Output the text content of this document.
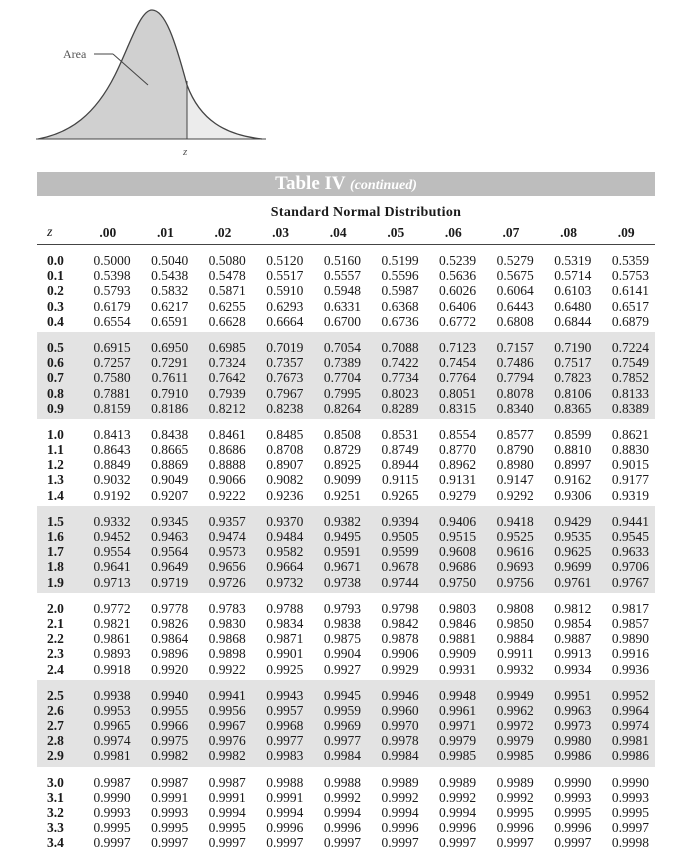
Area
z
Table IV (continued)
Standard Normal Distribution
z	.00	.01	.02	.03	.04	.05	.06	.07	.08	.09
0.0	0.5000	0.5040	0.5080	0.5120	0.5160	0.5199	0.5239	0.5279	0.5319	0.5359
0.1	0.5398	0.5438	0.5478	0.5517	0.5557	0.5596	0.5636	0.5675	0.5714	0.5753
0.2	0.5793	0.5832	0.5871	0.5910	0.5948	0.5987	0.6026	0.6064	0.6103	0.6141
0.3	0.6179	0.6217	0.6255	0.6293	0.6331	0.6368	0.6406	0.6443	0.6480	0.6517
0.4	0.6554	0.6591	0.6628	0.6664	0.6700	0.6736	0.6772	0.6808	0.6844	0.6879
0.5	0.6915	0.6950	0.6985	0.7019	0.7054	0.7088	0.7123	0.7157	0.7190	0.7224
0.6	0.7257	0.7291	0.7324	0.7357	0.7389	0.7422	0.7454	0.7486	0.7517	0.7549
0.7	0.7580	0.7611	0.7642	0.7673	0.7704	0.7734	0.7764	0.7794	0.7823	0.7852
0.8	0.7881	0.7910	0.7939	0.7967	0.7995	0.8023	0.8051	0.8078	0.8106	0.8133
0.9	0.8159	0.8186	0.8212	0.8238	0.8264	0.8289	0.8315	0.8340	0.8365	0.8389
1.0	0.8413	0.8438	0.8461	0.8485	0.8508	0.8531	0.8554	0.8577	0.8599	0.8621
1.1	0.8643	0.8665	0.8686	0.8708	0.8729	0.8749	0.8770	0.8790	0.8810	0.8830
1.2	0.8849	0.8869	0.8888	0.8907	0.8925	0.8944	0.8962	0.8980	0.8997	0.9015
1.3	0.9032	0.9049	0.9066	0.9082	0.9099	0.9115	0.9131	0.9147	0.9162	0.9177
1.4	0.9192	0.9207	0.9222	0.9236	0.9251	0.9265	0.9279	0.9292	0.9306	0.9319
1.5	0.9332	0.9345	0.9357	0.9370	0.9382	0.9394	0.9406	0.9418	0.9429	0.9441
1.6	0.9452	0.9463	0.9474	0.9484	0.9495	0.9505	0.9515	0.9525	0.9535	0.9545
1.7	0.9554	0.9564	0.9573	0.9582	0.9591	0.9599	0.9608	0.9616	0.9625	0.9633
1.8	0.9641	0.9649	0.9656	0.9664	0.9671	0.9678	0.9686	0.9693	0.9699	0.9706
1.9	0.9713	0.9719	0.9726	0.9732	0.9738	0.9744	0.9750	0.9756	0.9761	0.9767
2.0	0.9772	0.9778	0.9783	0.9788	0.9793	0.9798	0.9803	0.9808	0.9812	0.9817
2.1	0.9821	0.9826	0.9830	0.9834	0.9838	0.9842	0.9846	0.9850	0.9854	0.9857
2.2	0.9861	0.9864	0.9868	0.9871	0.9875	0.9878	0.9881	0.9884	0.9887	0.9890
2.3	0.9893	0.9896	0.9898	0.9901	0.9904	0.9906	0.9909	0.9911	0.9913	0.9916
2.4	0.9918	0.9920	0.9922	0.9925	0.9927	0.9929	0.9931	0.9932	0.9934	0.9936
2.5	0.9938	0.9940	0.9941	0.9943	0.9945	0.9946	0.9948	0.9949	0.9951	0.9952
2.6	0.9953	0.9955	0.9956	0.9957	0.9959	0.9960	0.9961	0.9962	0.9963	0.9964
2.7	0.9965	0.9966	0.9967	0.9968	0.9969	0.9970	0.9971	0.9972	0.9973	0.9974
2.8	0.9974	0.9975	0.9976	0.9977	0.9977	0.9978	0.9979	0.9979	0.9980	0.9981
2.9	0.9981	0.9982	0.9982	0.9983	0.9984	0.9984	0.9985	0.9985	0.9986	0.9986
3.0	0.9987	0.9987	0.9987	0.9988	0.9988	0.9989	0.9989	0.9989	0.9990	0.9990
3.1	0.9990	0.9991	0.9991	0.9991	0.9992	0.9992	0.9992	0.9992	0.9993	0.9993
3.2	0.9993	0.9993	0.9994	0.9994	0.9994	0.9994	0.9994	0.9995	0.9995	0.9995
3.3	0.9995	0.9995	0.9995	0.9996	0.9996	0.9996	0.9996	0.9996	0.9996	0.9997
3.4	0.9997	0.9997	0.9997	0.9997	0.9997	0.9997	0.9997	0.9997	0.9997	0.9998
